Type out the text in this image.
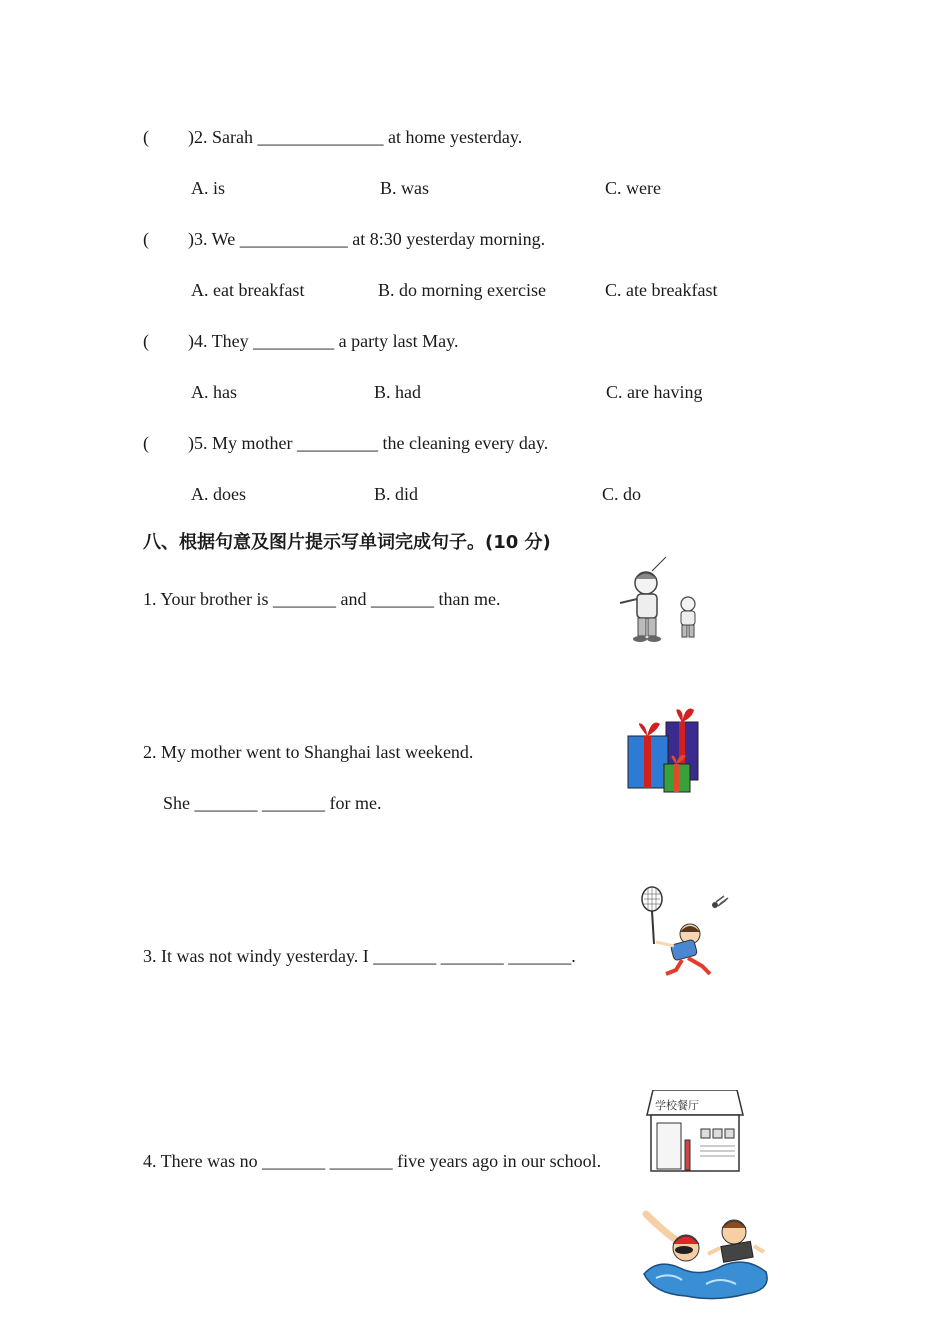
( )2. Sarah ______________ at home yesterday.
A. is	B. was	C. were
( )3. We ____________ at 8:30 yesterday morning.
A. eat breakfast	B. do morning exercise	C. ate breakfast
( )4. They _________ a party last May.
A. has	B. had	C. are having
( )5. My mother _________ the cleaning every day.
A. does	B. did	C. do
八、根据句意及图片提示写单词完成句子。(10 分)
1. Your brother is _______ and _______ than me.
2. My mother went to Shanghai last weekend.
She _______ _______ for me.
3. It was not windy yesterday. I _______ _______ _______.
4. There was no _______ _______ five years ago in our school.
学校餐厅
